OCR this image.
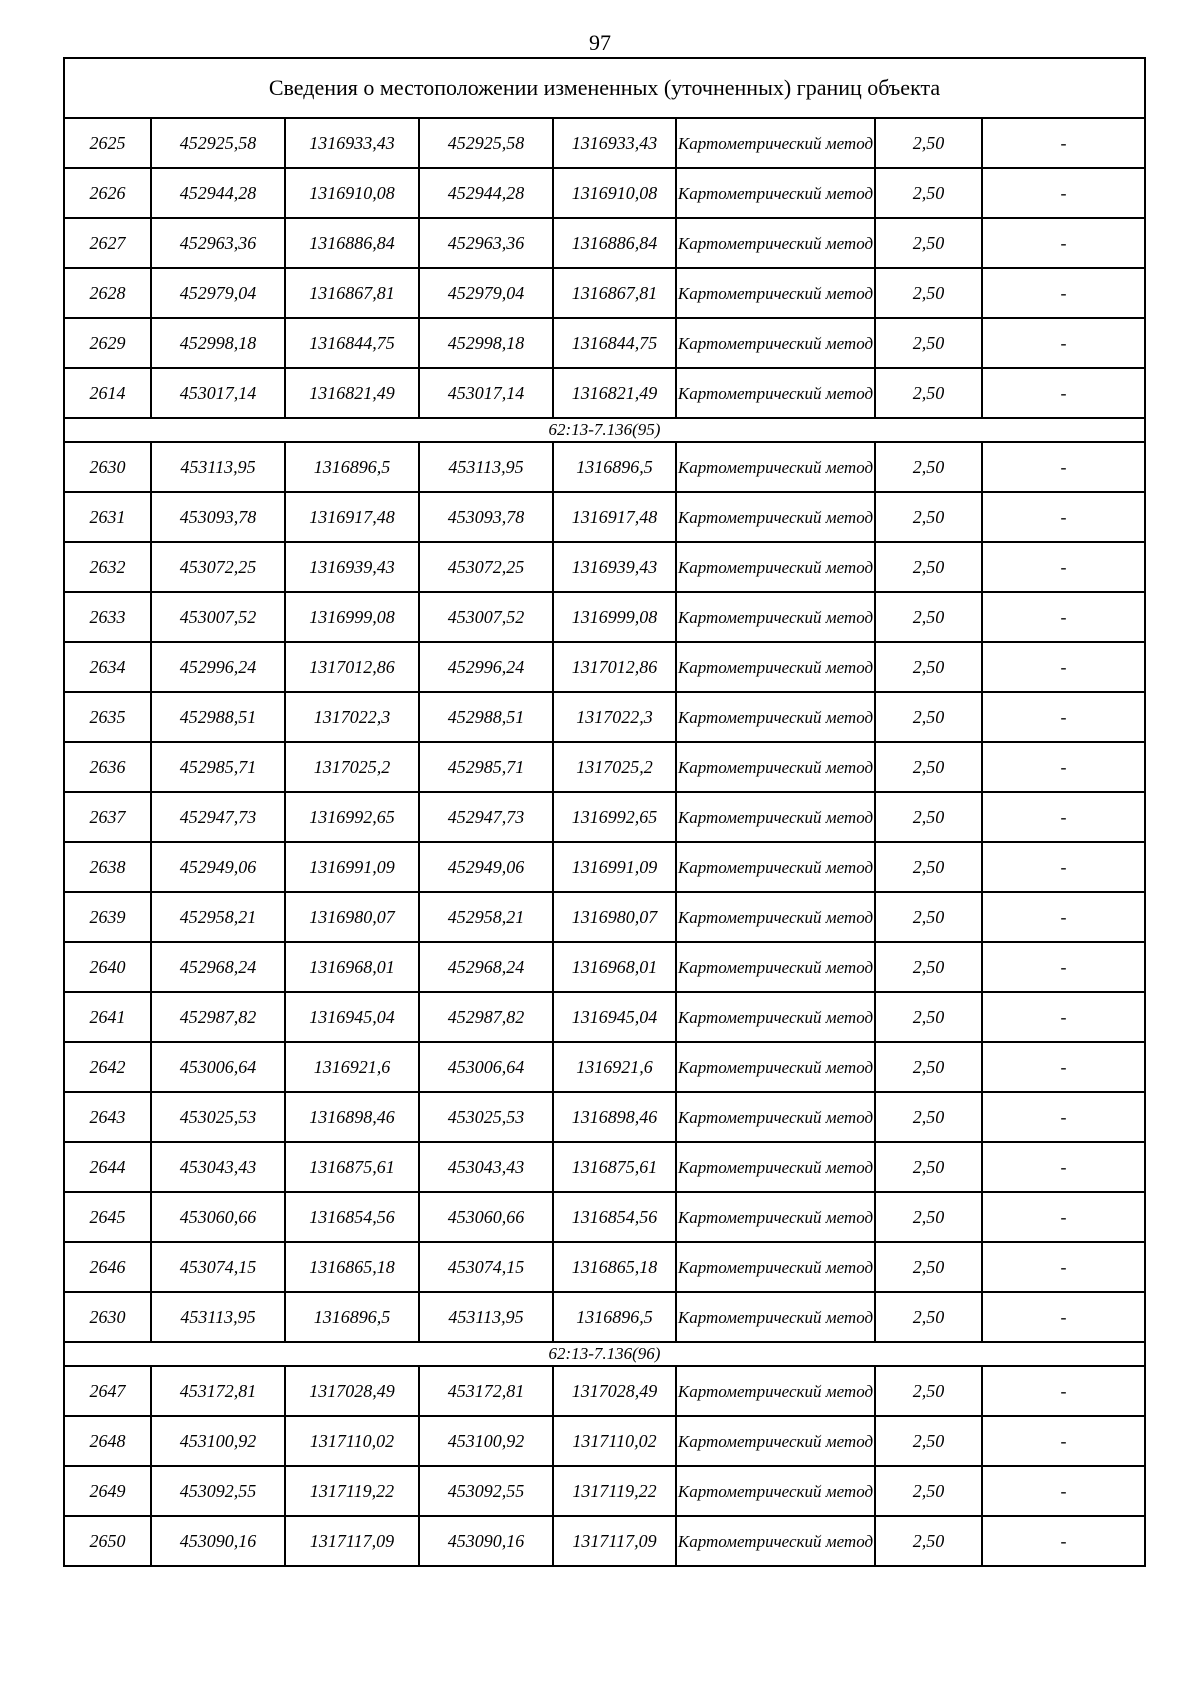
97
Сведения о местоположении измененных (уточненных) границ объекта							
2625	452925,58	1316933,43	452925,58	1316933,43	Картометрический метод	2,50	-
2626	452944,28	1316910,08	452944,28	1316910,08	Картометрический метод	2,50	-
2627	452963,36	1316886,84	452963,36	1316886,84	Картометрический метод	2,50	-
2628	452979,04	1316867,81	452979,04	1316867,81	Картометрический метод	2,50	-
2629	452998,18	1316844,75	452998,18	1316844,75	Картометрический метод	2,50	-
2614	453017,14	1316821,49	453017,14	1316821,49	Картометрический метод	2,50	-
62:13-7.136(95)							
2630	453113,95	1316896,5	453113,95	1316896,5	Картометрический метод	2,50	-
2631	453093,78	1316917,48	453093,78	1316917,48	Картометрический метод	2,50	-
2632	453072,25	1316939,43	453072,25	1316939,43	Картометрический метод	2,50	-
2633	453007,52	1316999,08	453007,52	1316999,08	Картометрический метод	2,50	-
2634	452996,24	1317012,86	452996,24	1317012,86	Картометрический метод	2,50	-
2635	452988,51	1317022,3	452988,51	1317022,3	Картометрический метод	2,50	-
2636	452985,71	1317025,2	452985,71	1317025,2	Картометрический метод	2,50	-
2637	452947,73	1316992,65	452947,73	1316992,65	Картометрический метод	2,50	-
2638	452949,06	1316991,09	452949,06	1316991,09	Картометрический метод	2,50	-
2639	452958,21	1316980,07	452958,21	1316980,07	Картометрический метод	2,50	-
2640	452968,24	1316968,01	452968,24	1316968,01	Картометрический метод	2,50	-
2641	452987,82	1316945,04	452987,82	1316945,04	Картометрический метод	2,50	-
2642	453006,64	1316921,6	453006,64	1316921,6	Картометрический метод	2,50	-
2643	453025,53	1316898,46	453025,53	1316898,46	Картометрический метод	2,50	-
2644	453043,43	1316875,61	453043,43	1316875,61	Картометрический метод	2,50	-
2645	453060,66	1316854,56	453060,66	1316854,56	Картометрический метод	2,50	-
2646	453074,15	1316865,18	453074,15	1316865,18	Картометрический метод	2,50	-
2630	453113,95	1316896,5	453113,95	1316896,5	Картометрический метод	2,50	-
62:13-7.136(96)							
2647	453172,81	1317028,49	453172,81	1317028,49	Картометрический метод	2,50	-
2648	453100,92	1317110,02	453100,92	1317110,02	Картометрический метод	2,50	-
2649	453092,55	1317119,22	453092,55	1317119,22	Картометрический метод	2,50	-
2650	453090,16	1317117,09	453090,16	1317117,09	Картометрический метод	2,50	-
